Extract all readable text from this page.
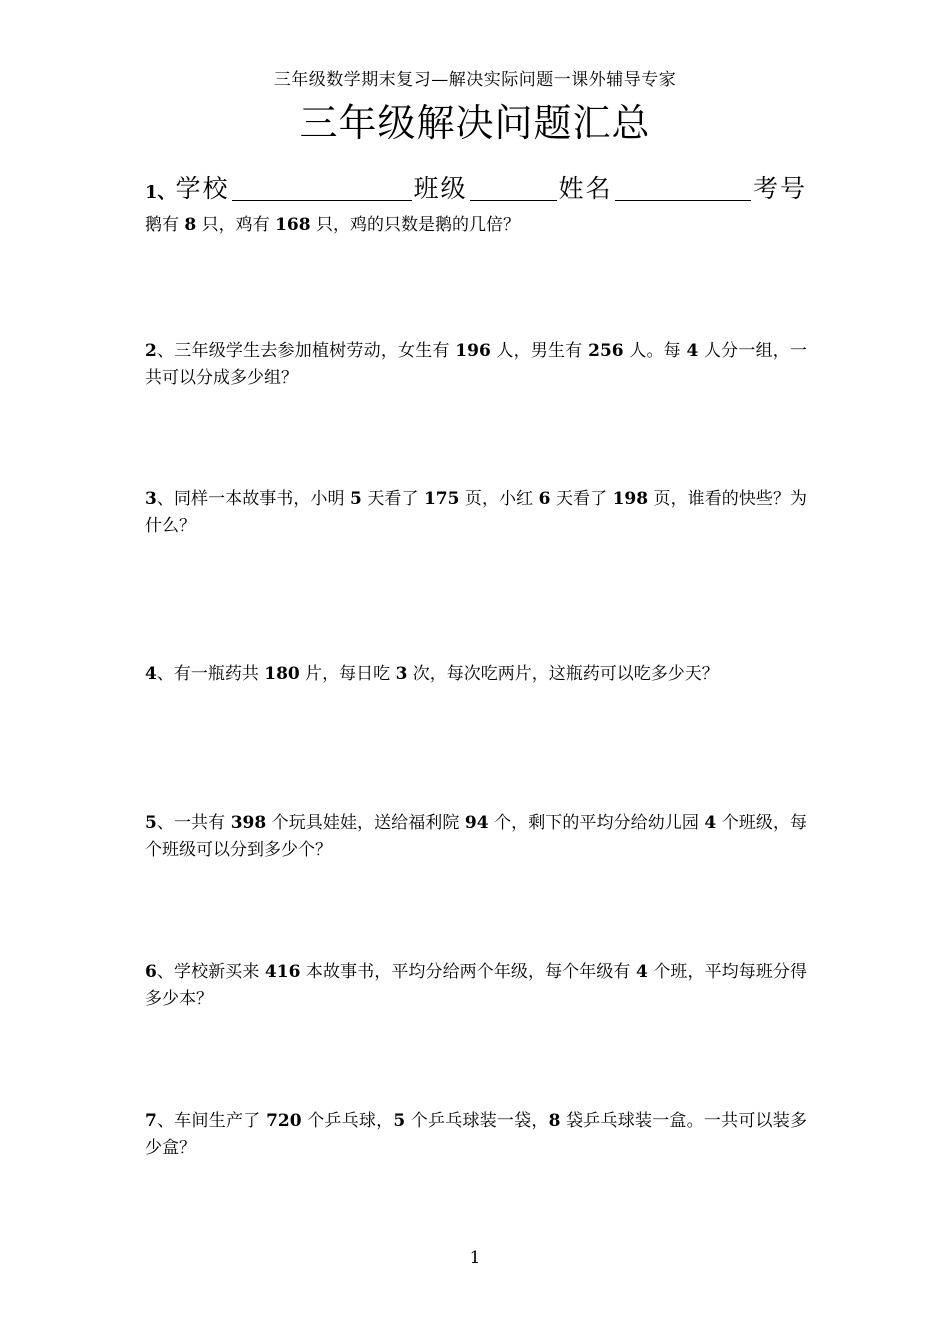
三年级数学期末复习—解决实际问题一课外辅导专家
三年级解决问题汇总
1 、 学校	班级	姓名	考号

鹅有 8 只，鸡有 168 只，鸡的只数是鹅的几倍？

2、三年级学生去参加植树劳动，女生有 196 人，男生有 256 人。每 4 人分一组，一共可以分成多少组？

3、同样一本故事书，小明 5 天看了 175 页，小红 6 天看了 198 页，谁看的快些？为什么？

4、有一瓶药共 180 片，每日吃 3 次，每次吃两片，这瓶药可以吃多少天？

5、一共有 398 个玩具娃娃，送给福利院 94 个，剩下的平均分给幼儿园 4 个班级，每个班级可以分到多少个？

6、学校新买来 416 本故事书，平均分给两个年级，每个年级有 4 个班，平均每班分得多少本？

7、车间生产了 720 个乒乓球，5 个乒乓球装一袋，8 袋乒乓球装一盒。一共可以装多少盒？

1
